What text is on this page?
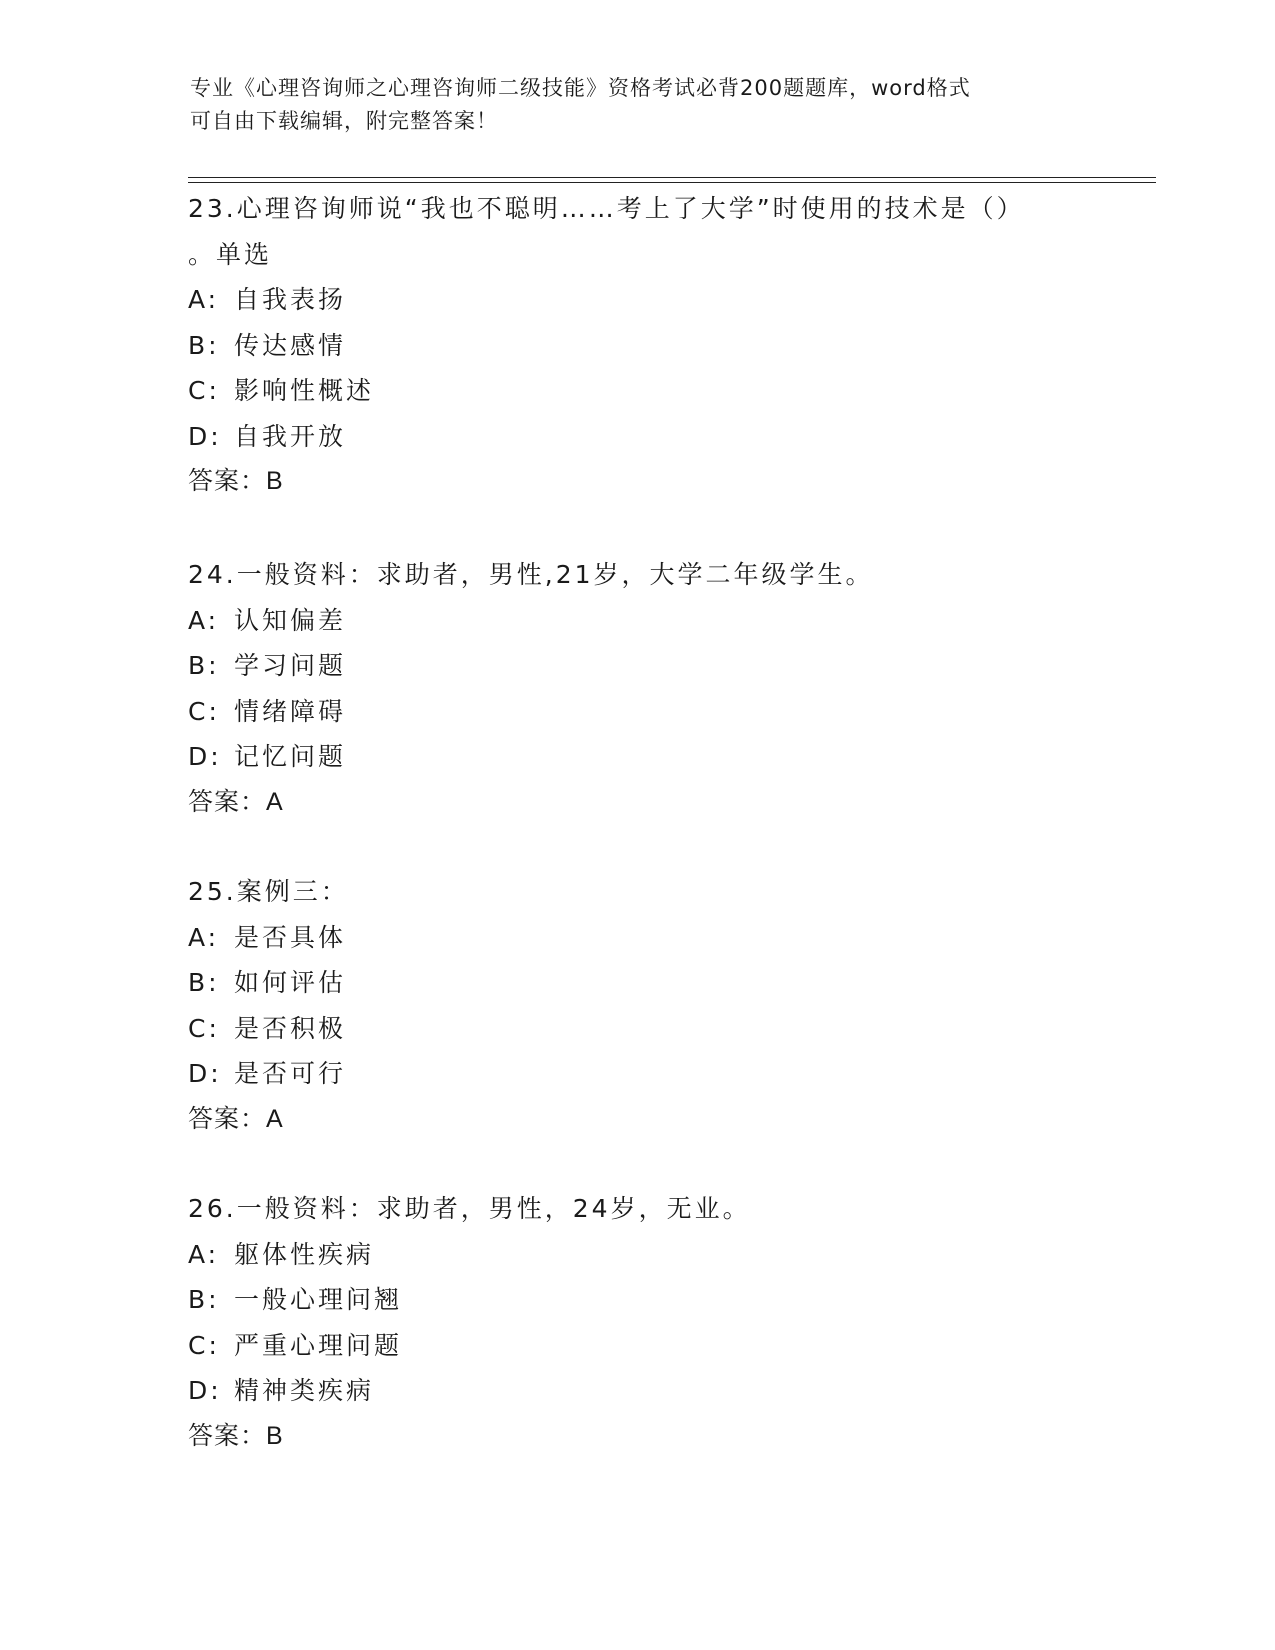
专业《心理咨询师之心理咨询师二级技能》资格考试必背200题题库，word格式
可自由下载编辑，附完整答案！
23.心理咨询师说“我也不聪明……考上了大学”时使用的技术是（）
。单选
A: 自我表扬
B: 传达感情
C: 影响性概述
D: 自我开放
答案：B
24.一般资料：求助者，男性,21岁，大学二年级学生。
A: 认知偏差
B: 学习问题
C: 情绪障碍
D: 记忆问题
答案：A
25.案例三：
A: 是否具体
B: 如何评估
C: 是否积极
D: 是否可行
答案：A
26.一般资料：求助者，男性，24岁，无业。
A: 躯体性疾病
B: 一般心理问翘
C: 严重心理问题
D: 精神类疾病
答案：B
